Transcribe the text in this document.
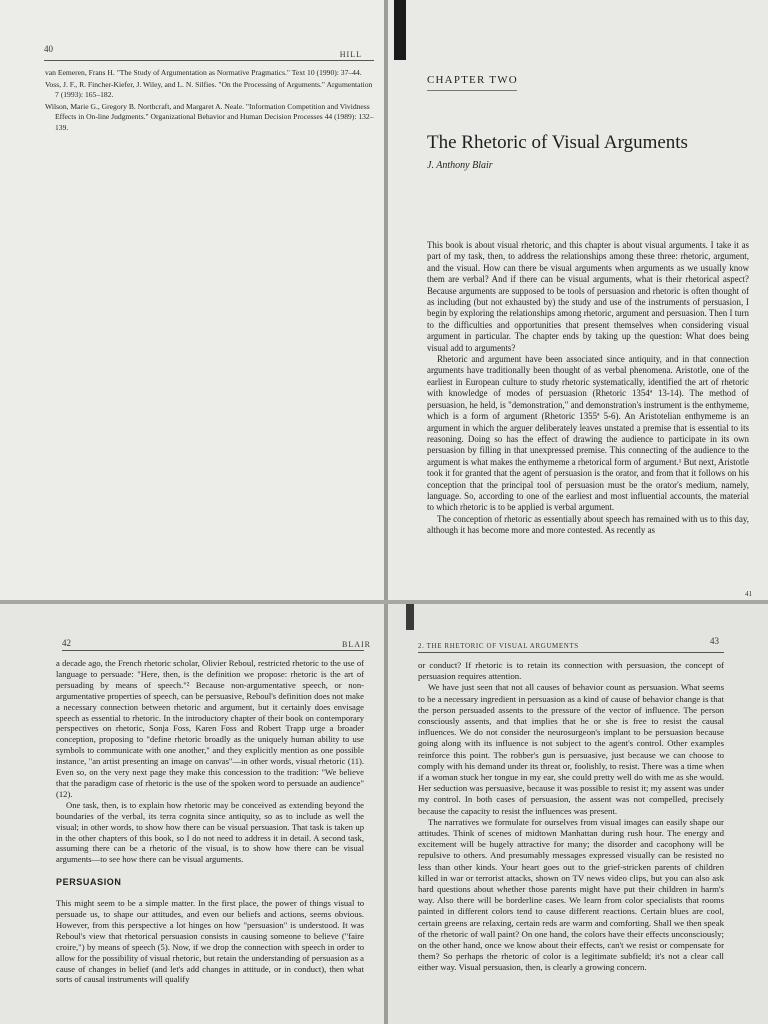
40
HILL

van Eemeren, Frans H. "The Study of Argumentation as Normative Pragmatics." Text 10 (1990): 37–44.

Voss, J. F., R. Fincher-Kiefer, J. Wiley, and L. N. Silfies. "On the Processing of Arguments." Argumentation 7 (1993): 165–182.

Wilson, Marie G., Gregory B. Northcraft, and Margaret A. Neale. "Information Competition and Vividness Effects in On-line Judgments." Organizational Behavior and Human Decision Processes 44 (1989): 132–139.

CHAPTER TWO
The Rhetoric of Visual Arguments
J. Anthony Blair

This book is about visual rhetoric, and this chapter is about visual arguments. I take it as part of my task, then, to address the relationships among these three: rhetoric, argument, and the visual. How can there be visual arguments when arguments as we usually know them are verbal? And if there can be visual arguments, what is their rhetorical aspect? Because arguments are supposed to be tools of persuasion and rhetoric is often thought of as including (but not exhausted by) the study and use of the instruments of persuasion, I begin by exploring the relationships among rhetoric, argument and persuasion. Then I turn to the difficulties and opportunities that present themselves when considering visual argument in particular. The chapter ends by taking up the question: What does being visual add to arguments?

Rhetoric and argument have been associated since antiquity, and in that connection arguments have traditionally been thought of as verbal phenomena. Aristotle, one of the earliest in European culture to study rhetoric systematically, identified the art of rhetoric with knowledge of modes of persuasion (Rhetoric 1354ª 13-14). The method of persuasion, he held, is "demonstration," and demonstration's instrument is the enthymeme, which is a form of argument (Rhetoric 1355ª 5-6). An Aristotelian enthymeme is an argument in which the arguer deliberately leaves unstated a premise that is essential to its reasoning. Doing so has the effect of drawing the audience to participate in its own persuasion by filling in that unexpressed premise. This connecting of the audience to the argument is what makes the enthymeme a rhetorical form of argument.¹ But next, Aristotle took it for granted that the agent of persuasion is the orator, and from that it follows on his conception that the principal tool of persuasion must be the orator's medium, namely, language. So, according to one of the earliest and most influential accounts, the material to which rhetoric is to be applied is verbal argument.

The conception of rhetoric as essentially about speech has remained with us to this day, although it has become more and more contested. As recently as

41
42	BLAIR

a decade ago, the French rhetoric scholar, Olivier Reboul, restricted rhetoric to the use of language to persuade: "Here, then, is the definition we propose: rhetoric is the art of persuading by means of speech."² Because non-argumentative speech, or non-argumentative properties of speech, can be persuasive, Reboul's definition does not make a necessary connection between rhetoric and argument, but it certainly does envisage speech as essential to rhetoric. In the introductory chapter of their book on contemporary perspectives on rhetoric, Sonja Foss, Karen Foss and Robert Trapp urge a broader conception, proposing to "define rhetoric broadly as the uniquely human ability to use symbols to communicate with one another," and they explicitly mention as one possible instance, "an artist presenting an image on canvas"—in other words, visual rhetoric (11). Even so, on the very next page they make this concession to the tradition: "We believe that the paradigm case of rhetoric is the use of the spoken word to persuade an audience" (12).

One task, then, is to explain how rhetoric may be conceived as extending beyond the boundaries of the verbal, its terra cognita since antiquity, so as to include as well the visual; in other words, to show how there can be visual persuasion. That task is taken up in the other chapters of this book, so I do not need to address it in detail. A second task, assuming there can be a rhetoric of the visual, is to show how there can be visual arguments—to see how there can be visual arguments.

PERSUASION

This might seem to be a simple matter. In the first place, the power of things visual to persuade us, to shape our attitudes, and even our beliefs and actions, seems obvious. However, from this perspective a lot hinges on how "persuasion" is understood. It was Reboul's view that rhetorical persuasion consists in causing someone to believe ("faire croire,") by means of speech (5). Now, if we drop the connection with speech in order to allow for the possibility of visual rhetoric, but retain the understanding of persuasion as a cause of changes in belief (and let's add changes in attitude, or in conduct), then what sorts of causal instruments will qualify

2. THE RHETORIC OF VISUAL ARGUMENTS	43

or conduct? If rhetoric is to retain its connection with persuasion, the concept of persuasion requires attention.

We have just seen that not all causes of behavior count as persuasion. What seems to be a necessary ingredient in persuasion as a kind of cause of behavior change is that the person persuaded assents to the pressure of the vector of influence. The person consciously assents, and that implies that he or she is free to resist the causal influences. We do not consider the neurosurgeon's implant to be persuasion because going along with its influence is not subject to the agent's control. Other examples reinforce this point. The robber's gun is persuasive, just because we can choose to comply with his demand under its threat or, foolishly, to resist. There was a time when if a woman stuck her tongue in my ear, she could pretty well do with me as she would. Her seduction was persuasive, because it was possible to resist it; my assent was under my control. In both cases of persuasion, the assent was not compelled, precisely because the capacity to resist the influences was present.

The narratives we formulate for ourselves from visual images can easily shape our attitudes. Think of scenes of midtown Manhattan during rush hour. The energy and excitement will be hugely attractive for many; the disorder and cacophony will be repulsive to others. And presumably messages expressed visually can be resisted no less than other kinds. Your heart goes out to the grief-stricken parents of children killed in war or terrorist attacks, shown on TV news video clips, but you can also ask hard questions about whether those parents might have put their children in harm's way. Also there will be borderline cases. We learn from color specialists that rooms painted in different colors tend to cause different reactions. Certain blues are cool, certain greens are relaxing, certain reds are warm and comforting. Shall we then speak of the rhetoric of wall paint? On one hand, the colors have their effects unconsciously; on the other hand, once we know about their effects, can't we resist or compensate for them? So perhaps the rhetoric of color is a legitimate subfield; it's not a clear call either way. Visual persuasion, then, is clearly a growing concern.
